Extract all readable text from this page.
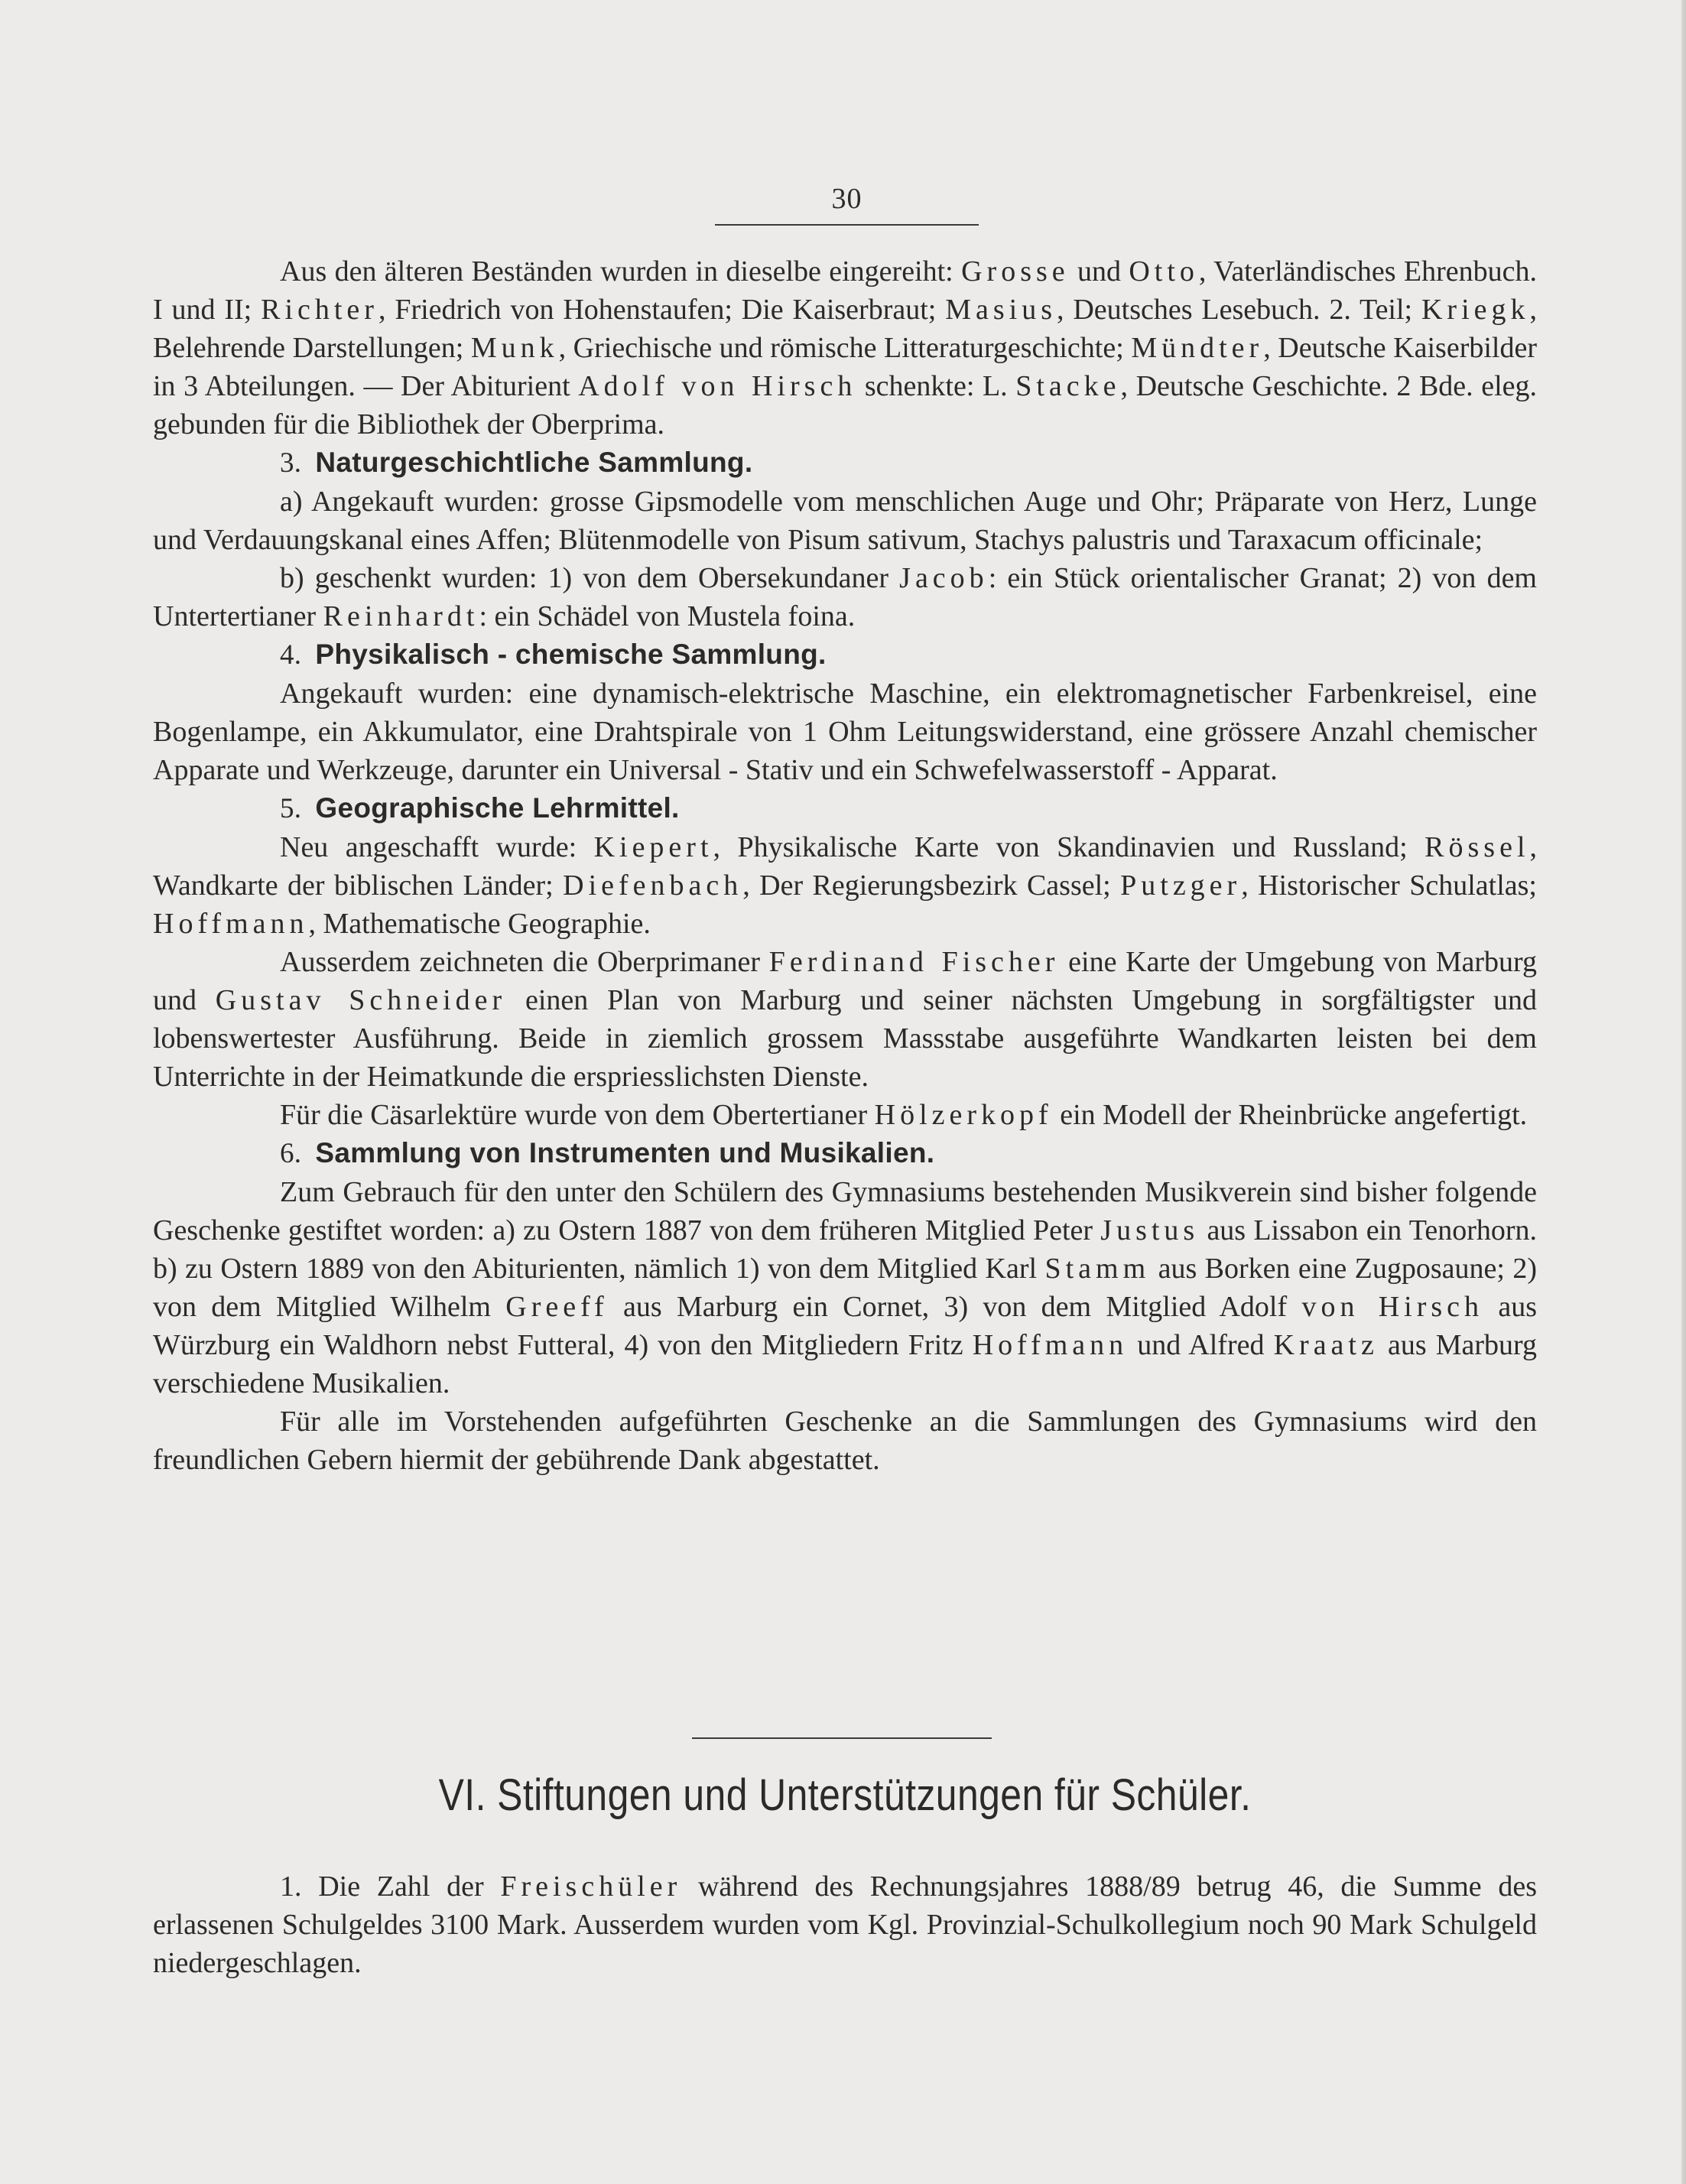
30

Aus den älteren Beständen wurden in dieselbe eingereiht: Grosse und Otto, Vaterländisches Ehrenbuch. I und II; Richter, Friedrich von Hohenstaufen; Die Kaiserbraut; Masius, Deutsches Lesebuch. 2. Teil; Kriegk, Belehrende Darstellungen; Munk, Griechische und römische Litteraturgeschichte; Mündter, Deutsche Kaiserbilder in 3 Abteilungen. — Der Abiturient Adolf von Hirsch schenkte: L. Stacke, Deutsche Geschichte. 2 Bde. eleg. gebunden für die Bibliothek der Oberprima.

3. Naturgeschichtliche Sammlung.

a) Angekauft wurden: grosse Gipsmodelle vom menschlichen Auge und Ohr; Präparate von Herz, Lunge und Verdauungskanal eines Affen; Blütenmodelle von Pisum sativum, Stachys palustris und Taraxacum officinale;

b) geschenkt wurden: 1) von dem Obersekundaner Jacob: ein Stück orientalischer Granat; 2) von dem Untertertianer Reinhardt: ein Schädel von Mustela foina.

4. Physikalisch - chemische Sammlung.

Angekauft wurden: eine dynamisch-elektrische Maschine, ein elektromagnetischer Farbenkreisel, eine Bogenlampe, ein Akkumulator, eine Drahtspirale von 1 Ohm Leitungswiderstand, eine grössere Anzahl chemischer Apparate und Werkzeuge, darunter ein Universal - Stativ und ein Schwefelwasserstoff - Apparat.

5. Geographische Lehrmittel.

Neu angeschafft wurde: Kiepert, Physikalische Karte von Skandinavien und Russland; Rössel, Wandkarte der biblischen Länder; Diefenbach, Der Regierungsbezirk Cassel; Putzger, Historischer Schulatlas; Hoffmann, Mathematische Geographie.

Ausserdem zeichneten die Oberprimaner Ferdinand Fischer eine Karte der Umgebung von Marburg und Gustav Schneider einen Plan von Marburg und seiner nächsten Umgebung in sorgfältigster und lobenswertester Ausführung. Beide in ziemlich grossem Massstabe ausgeführte Wandkarten leisten bei dem Unterrichte in der Heimatkunde die erspriesslichsten Dienste.

Für die Cäsarlektüre wurde von dem Obertertianer Hölzerkopf ein Modell der Rheinbrücke angefertigt.

6. Sammlung von Instrumenten und Musikalien.

Zum Gebrauch für den unter den Schülern des Gymnasiums bestehenden Musikverein sind bisher folgende Geschenke gestiftet worden: a) zu Ostern 1887 von dem früheren Mitglied Peter Justus aus Lissabon ein Tenorhorn. b) zu Ostern 1889 von den Abiturienten, nämlich 1) von dem Mitglied Karl Stamm aus Borken eine Zugposaune; 2) von dem Mitglied Wilhelm Greeff aus Marburg ein Cornet, 3) von dem Mitglied Adolf von Hirsch aus Würzburg ein Waldhorn nebst Futteral, 4) von den Mitgliedern Fritz Hoffmann und Alfred Kraatz aus Marburg verschiedene Musikalien.

Für alle im Vorstehenden aufgeführten Geschenke an die Sammlungen des Gymnasiums wird den freundlichen Gebern hiermit der gebührende Dank abgestattet.

VI. Stiftungen und Unterstützungen für Schüler.

1. Die Zahl der Freischüler während des Rechnungsjahres 1888/89 betrug 46, die Summe des erlassenen Schulgeldes 3100 Mark. Ausserdem wurden vom Kgl. Provinzial-Schulkollegium noch 90 Mark Schulgeld niedergeschlagen.
